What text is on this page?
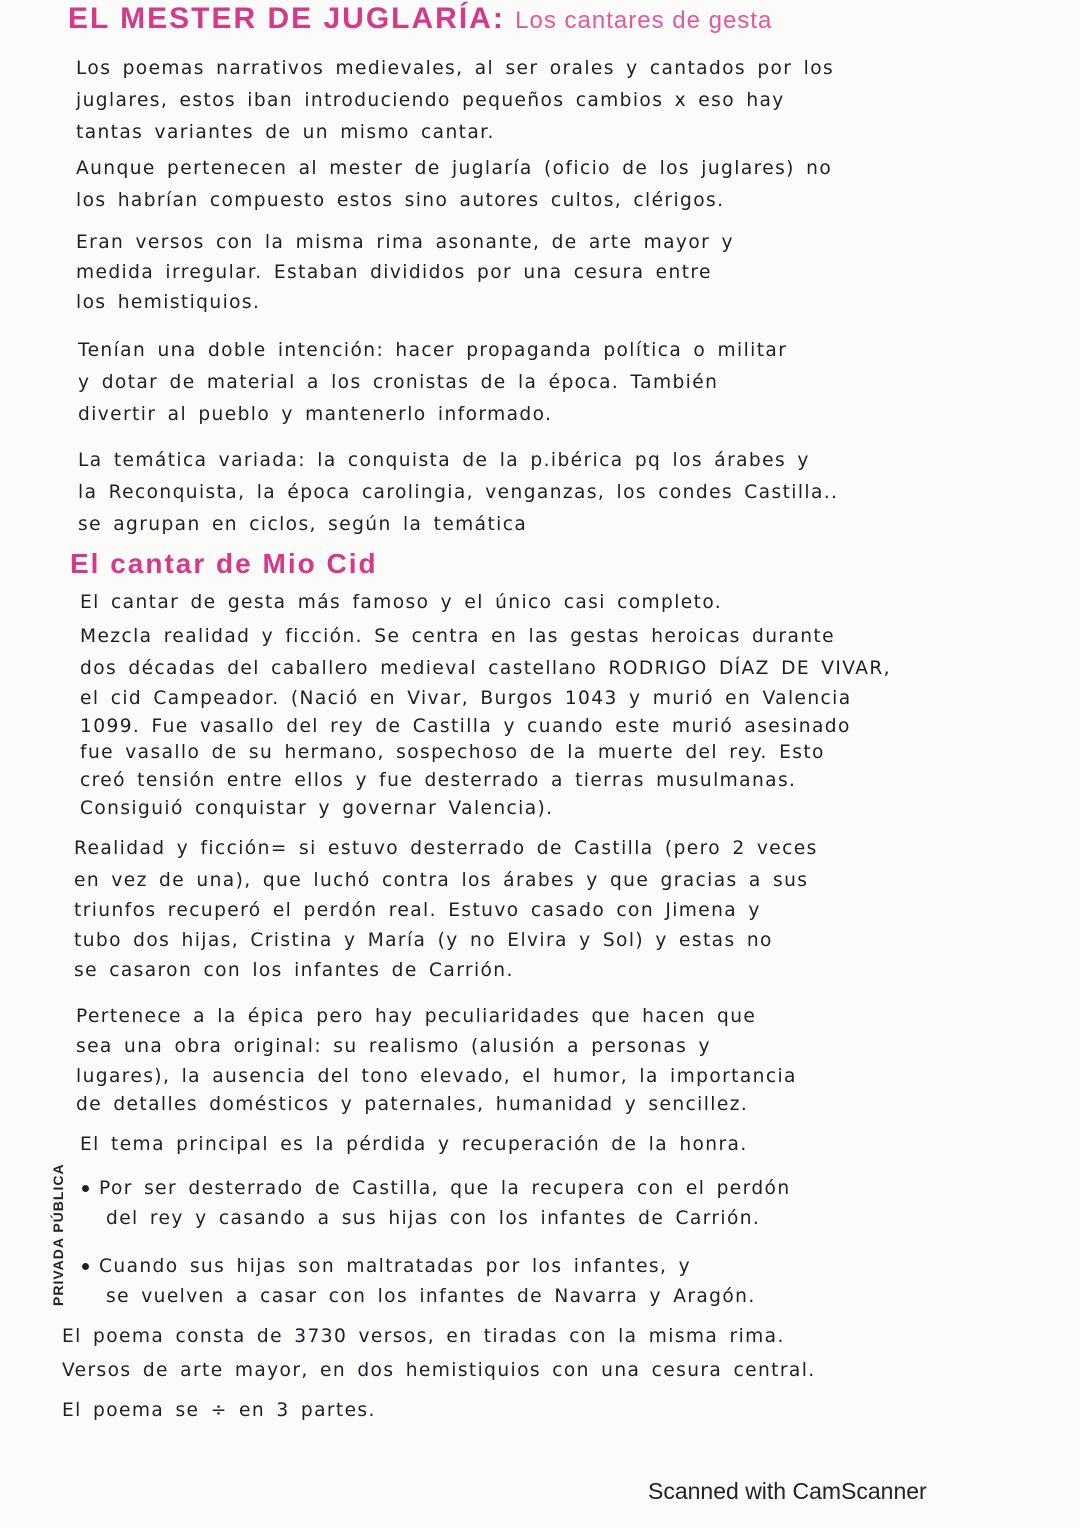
EL MESTER DE JUGLARÍA: Los cantares de gesta
Los poemas narrativos medievales, al ser orales y cantados por los
juglares, estos iban introduciendo pequeños cambios x eso hay
tantas variantes de un mismo cantar.
Aunque pertenecen al mester de juglaría (oficio de los juglares) no
los habrían compuesto estos sino autores cultos, clérigos.
Eran versos con la misma rima asonante, de arte mayor y
medida irregular. Estaban divididos por una cesura entre
los hemistiquios.
Tenían una doble intención: hacer propaganda política o militar
y dotar de material a los cronistas de la época. También
divertir al pueblo y mantenerlo informado.
La temática variada: la conquista de la p.ibérica pq los árabes y
la Reconquista, la época carolingia, venganzas, los condes Castilla..
se agrupan en ciclos, según la temática
El cantar de Mio Cid
El cantar de gesta más famoso y el único casi completo.
Mezcla realidad y ficción. Se centra en las gestas heroicas durante
dos décadas del caballero medieval castellano RODRIGO DÍAZ DE VIVAR,
el cid Campeador. (Nació en Vivar, Burgos 1043 y murió en Valencia
1099. Fue vasallo del rey de Castilla y cuando este murió asesinado
fue vasallo de su hermano, sospechoso de la muerte del rey. Esto
creó tensión entre ellos y fue desterrado a tierras musulmanas.
Consiguió conquistar y governar Valencia).
Realidad y ficción= si estuvo desterrado de Castilla (pero 2 veces
en vez de una), que luchó contra los árabes y que gracias a sus
triunfos recuperó el perdón real. Estuvo casado con Jimena y
tubo dos hijas, Cristina y María (y no Elvira y Sol) y estas no
se casaron con los infantes de Carrión.
Pertenece a la épica pero hay peculiaridades que hacen que
sea una obra original: su realismo (alusión a personas y
lugares), la ausencia del tono elevado, el humor, la importancia
de detalles domésticos y paternales, humanidad y sencillez.
El tema principal es la pérdida y recuperación de la honra.
Por ser desterrado de Castilla, que la recupera con el perdón
del rey y casando a sus hijas con los infantes de Carrión.
Cuando sus hijas son maltratadas por los infantes, y
se vuelven a casar con los infantes de Navarra y Aragón.
El poema consta de 3730 versos, en tiradas con la misma rima.
Versos de arte mayor, en dos hemistiquios con una cesura central.
El poema se ÷ en 3 partes.
PRIVADA PÚBLICA
Scanned with CamScanner
